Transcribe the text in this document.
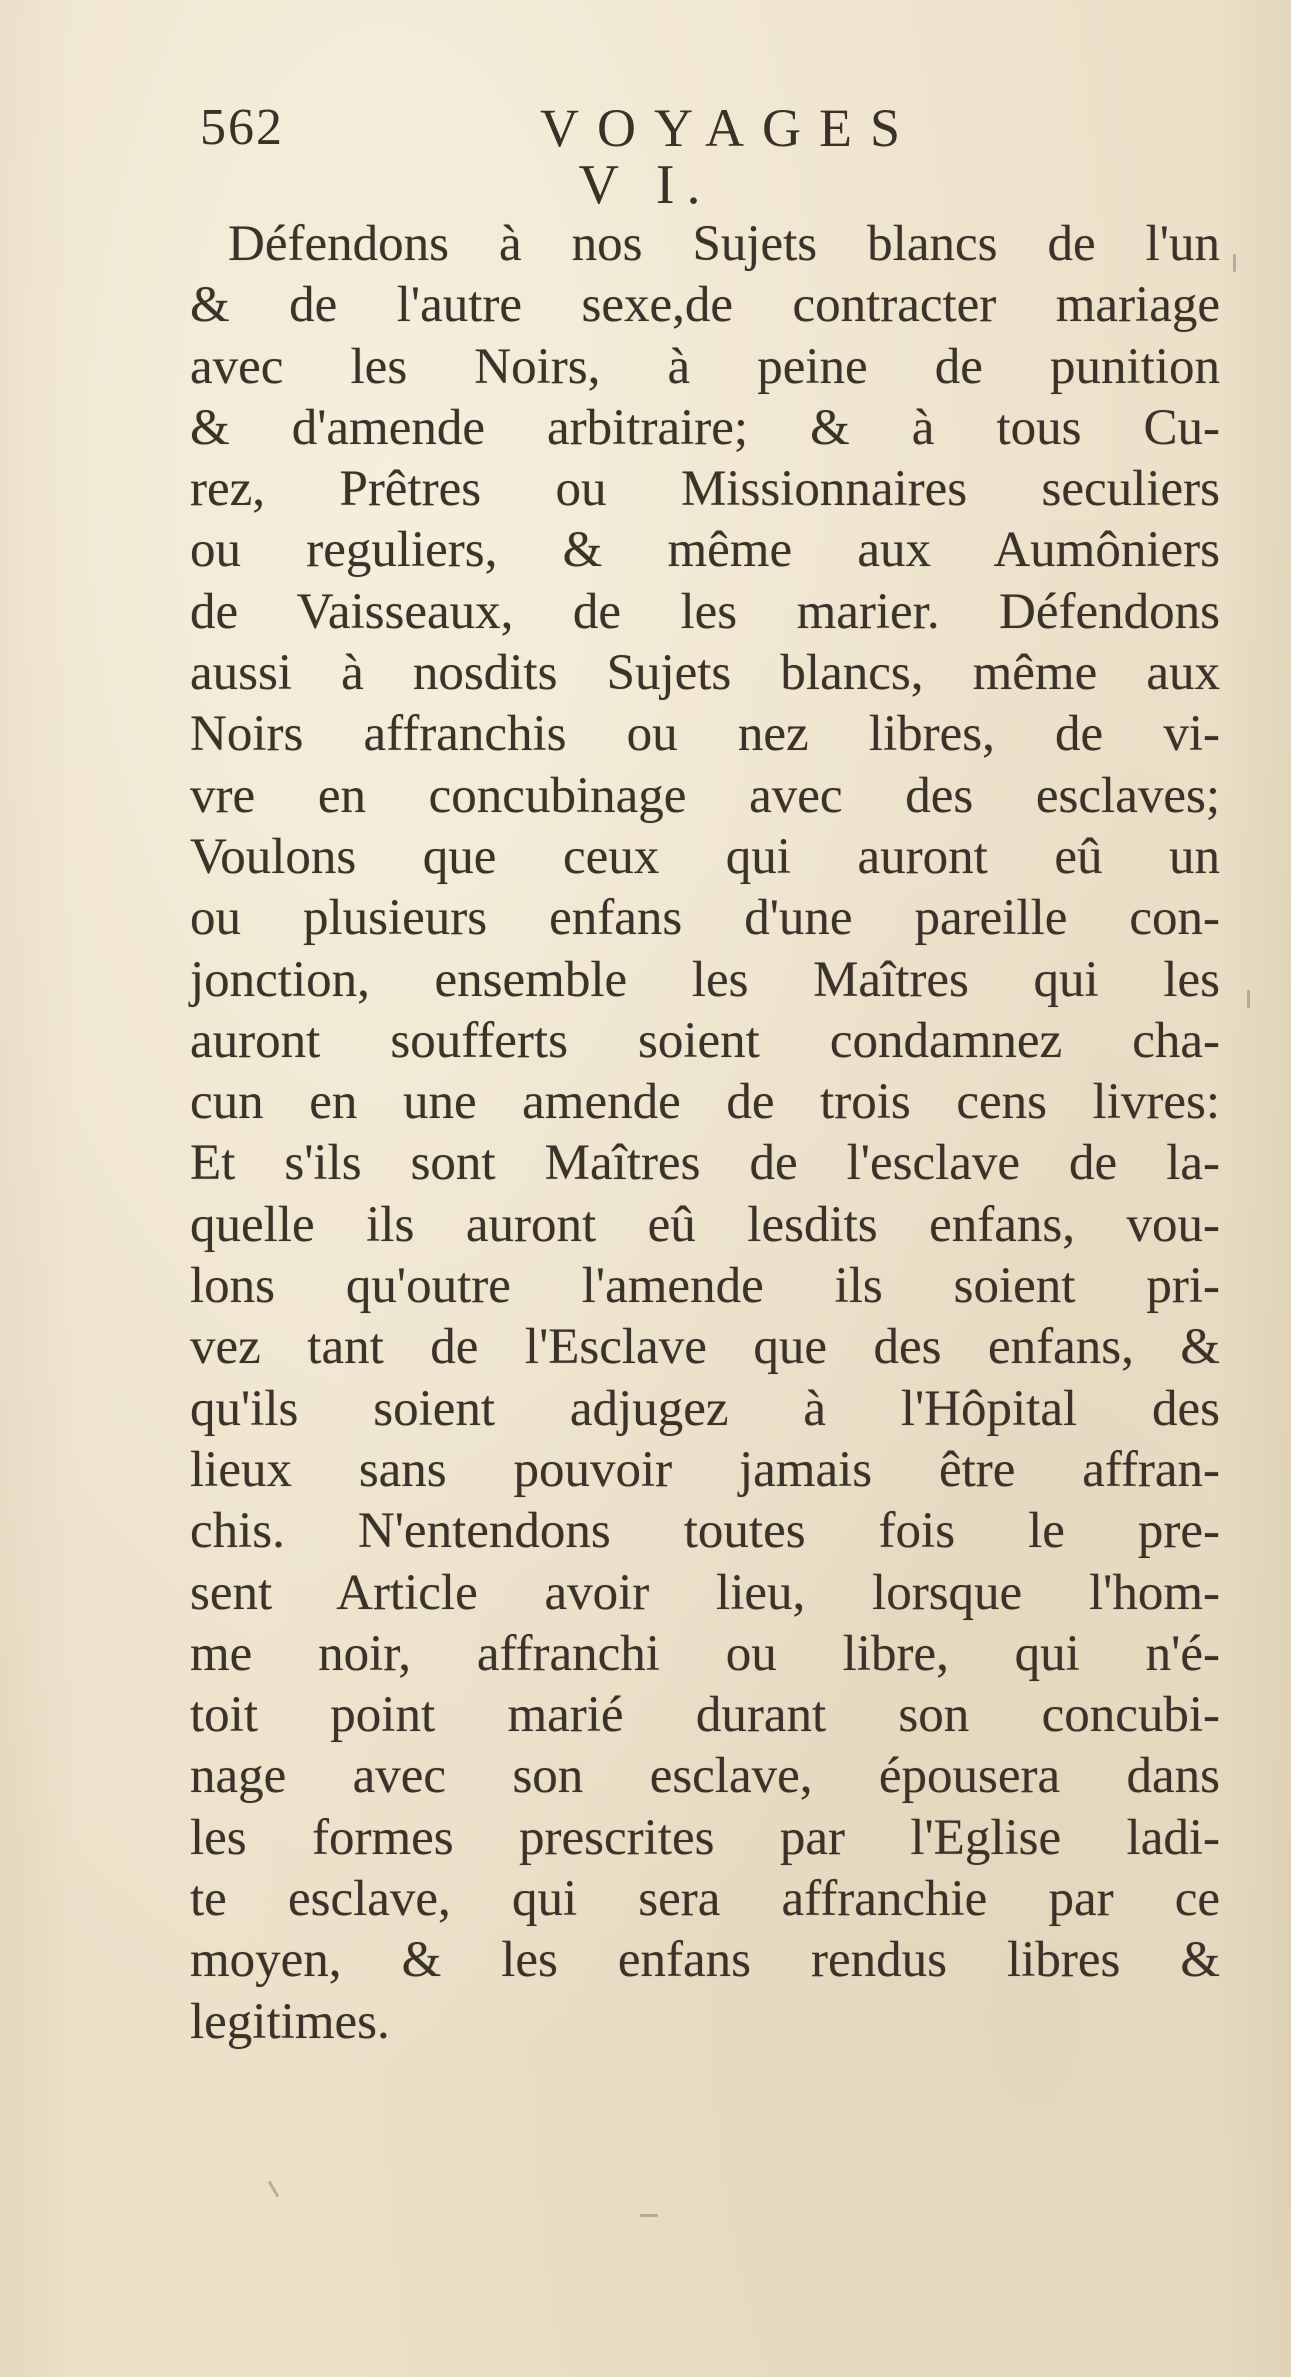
562	VOYAGES
V I.
Défendons à nos Sujets blancs de l'un
& de l'autre sexe,de contracter mariage
avec les Noirs, à peine de punition
& d'amende arbitraire; & à tous Cu-
rez, Prêtres ou Missionnaires seculiers
ou reguliers, & même aux Aumôniers
de Vaisseaux, de les marier. Défendons
aussi à nosdits Sujets blancs, même aux
Noirs affranchis ou nez libres, de vi-
vre en concubinage avec des esclaves;
Voulons que ceux qui auront eû un
ou plusieurs enfans d'une pareille con-
jonction, ensemble les Maîtres qui les
auront soufferts soient condamnez cha-
cun en une amende de trois cens livres:
Et s'ils sont Maîtres de l'esclave de la-
quelle ils auront eû lesdits enfans, vou-
lons qu'outre l'amende ils soient pri-
vez tant de l'Esclave que des enfans, &
qu'ils soient adjugez à l'Hôpital des
lieux sans pouvoir jamais être affran-
chis. N'entendons toutes fois le pre-
sent Article avoir lieu, lorsque l'hom-
me noir, affranchi ou libre, qui n'é-
toit point marié durant son concubi-
nage avec son esclave, épousera dans
les formes prescrites par l'Eglise ladi-
te esclave, qui sera affranchie par ce
moyen, & les enfans rendus libres &
legitimes.
